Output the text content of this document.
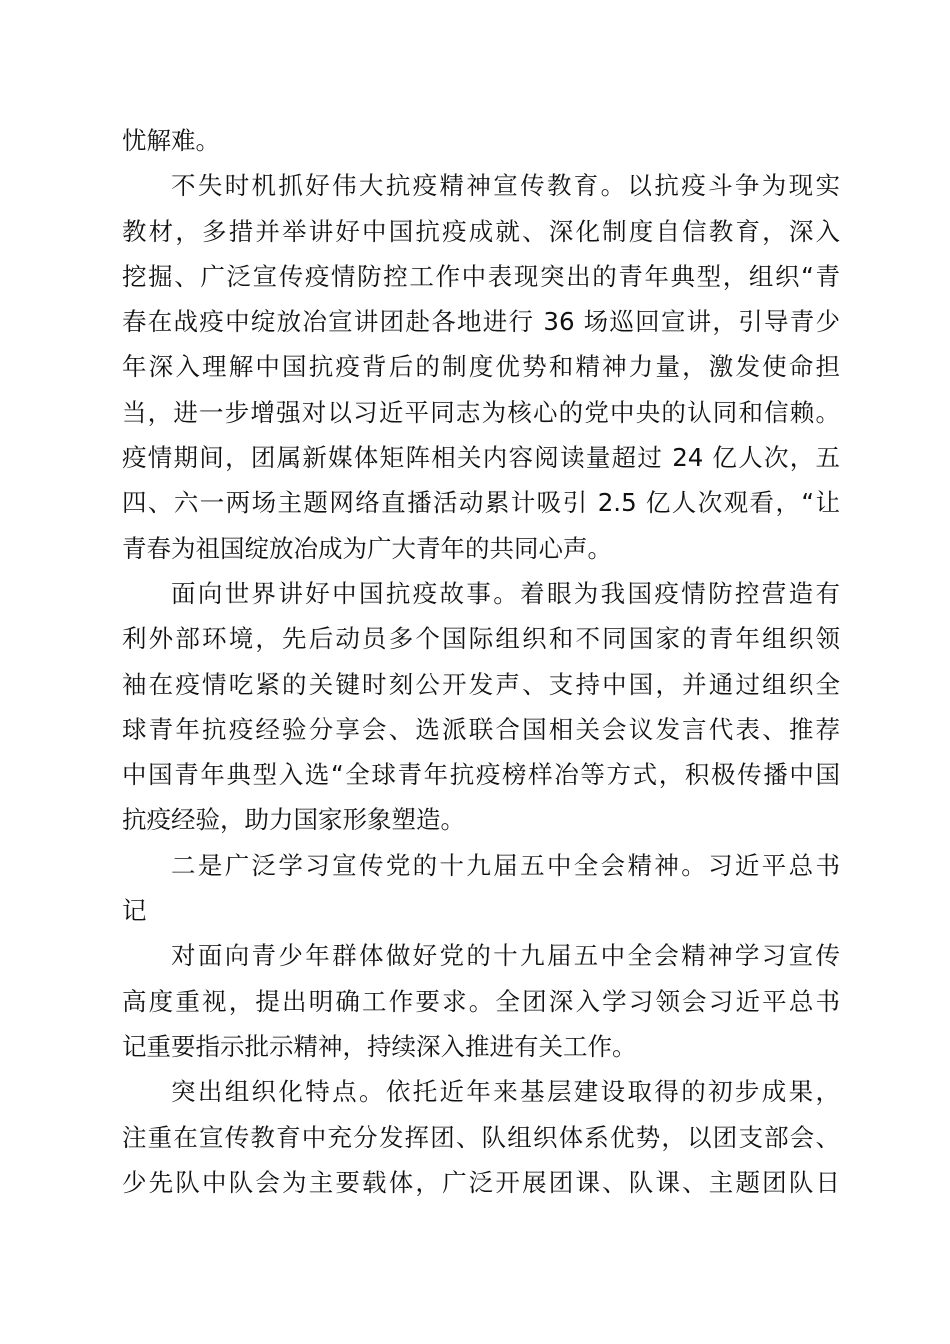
忧解难。
不失时机抓好伟大抗疫精神宣传教育。以抗疫斗争为现实
教材，多措并举讲好中国抗疫成就、深化制度自信教育，深入
挖掘、广泛宣传疫情防控工作中表现突出的青年典型，组织“青
春在战疫中绽放冶宣讲团赴各地进行 36 场巡回宣讲，引导青少
年深入理解中国抗疫背后的制度优势和精神力量，激发使命担
当，进一步增强对以习近平同志为核心的党中央的认同和信赖。
疫情期间，团属新媒体矩阵相关内容阅读量超过 24 亿人次，五
四、六一两场主题网络直播活动累计吸引 2.5 亿人次观看，“让
青春为祖国绽放冶成为广大青年的共同心声。
面向世界讲好中国抗疫故事。着眼为我国疫情防控营造有
利外部环境，先后动员多个国际组织和不同国家的青年组织领
袖在疫情吃紧的关键时刻公开发声、支持中国，并通过组织全
球青年抗疫经验分享会、选派联合国相关会议发言代表、推荐
中国青年典型入选“全球青年抗疫榜样冶等方式，积极传播中国
抗疫经验，助力国家形象塑造。
二是广泛学习宣传党的十九届五中全会精神。习近平总书
记
对面向青少年群体做好党的十九届五中全会精神学习宣传
高度重视，提出明确工作要求。全团深入学习领会习近平总书
记重要指示批示精神，持续深入推进有关工作。
突出组织化特点。依托近年来基层建设取得的初步成果，
注重在宣传教育中充分发挥团、队组织体系优势，以团支部会、
少先队中队会为主要载体，广泛开展团课、队课、主题团队日
